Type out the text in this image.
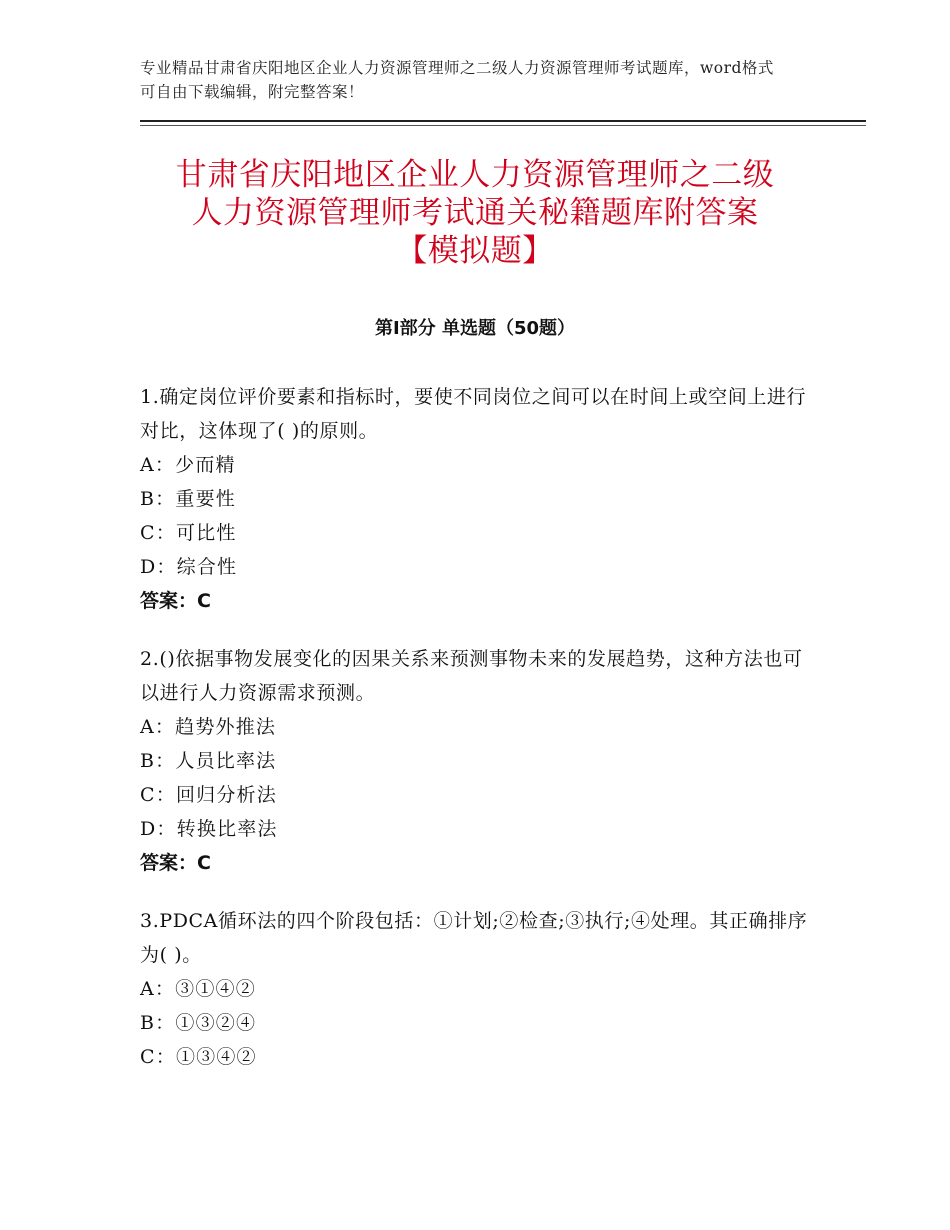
专业精品甘肃省庆阳地区企业人力资源管理师之二级人力资源管理师考试题库，word格式可自由下载编辑，附完整答案！
甘肃省庆阳地区企业人力资源管理师之二级
人力资源管理师考试通关秘籍题库附答案
【模拟题】
第Ⅰ部分 单选题（50题）
1.确定岗位评价要素和指标时，要使不同岗位之间可以在时间上或空间上进行对比，这体现了( )的原则。
A：少而精
B：重要性
C：可比性
D：综合性
答案：C
2.()依据事物发展变化的因果关系来预测事物未来的发展趋势，这种方法也可以进行人力资源需求预测。
A：趋势外推法
B：人员比率法
C：回归分析法
D：转换比率法
答案：C
3.PDCA循环法的四个阶段包括：①计划;②检查;③执行;④处理。其正确排序为( )。
A：③①④②
B：①③②④
C：①③④②
